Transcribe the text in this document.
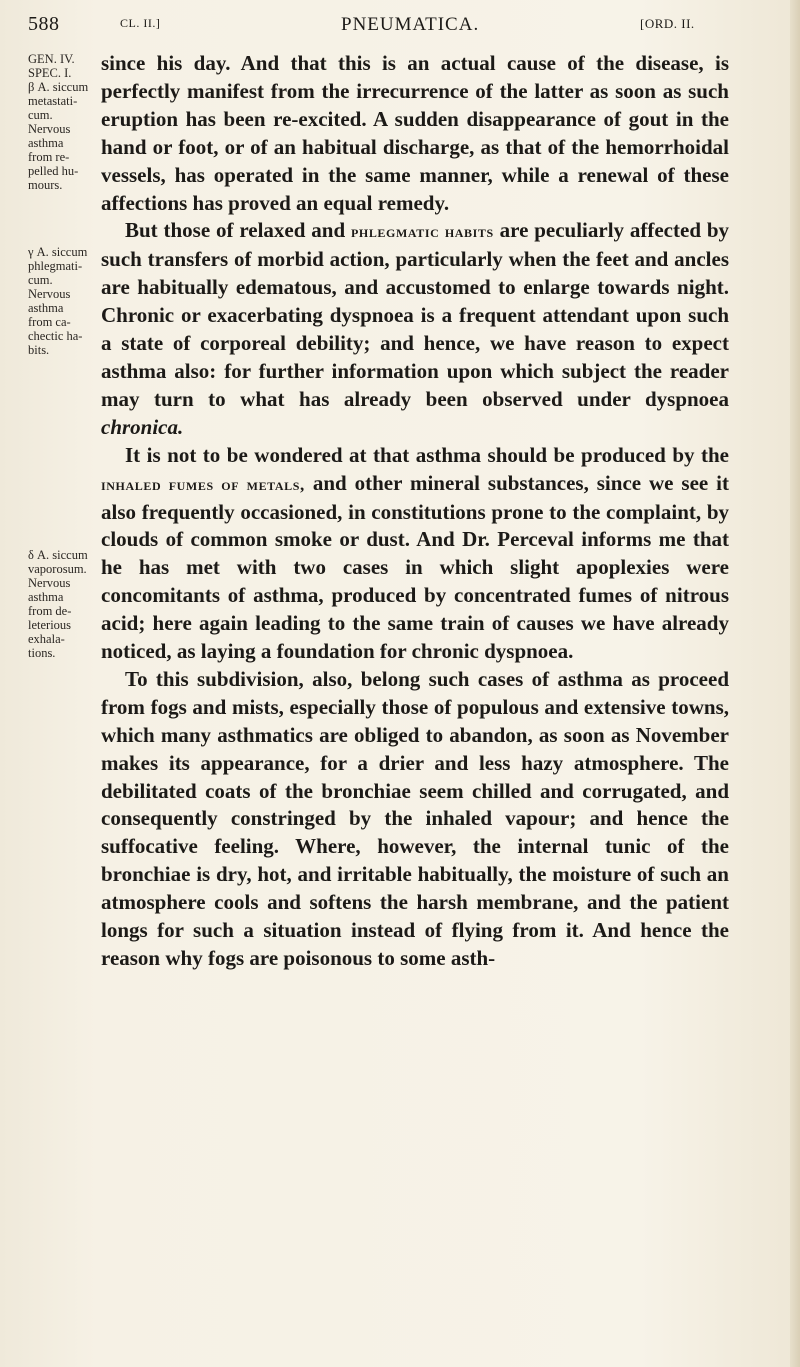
588	CL. II.]	PNEUMATICA.	[ORD. II.
GEN. IV.
SPEC. I.
β A. siccum
metastati-
cum.
Nervous
asthma
from re-
pelled hu-
mours.
γ A. siccum
phlegmati-
cum.
Nervous
asthma
from ca-
chectic ha-
bits.
δ A. siccum
vaporosum.
Nervous
asthma
from de-
leterious
exhala-
tions.

since his day. And that this is an actual cause of the disease, is perfectly manifest from the irrecurrence of the latter as soon as such eruption has been re-excited. A sudden disappearance of gout in the hand or foot, or of an habitual discharge, as that of the hemorrhoidal vessels, has operated in the same manner, while a renewal of these affections has proved an equal remedy.

But those of relaxed and phlegmatic habits are peculiarly affected by such transfers of morbid action, particularly when the feet and ancles are habitually edematous, and accustomed to enlarge towards night. Chronic or exacerbating dyspnoea is a frequent attendant upon such a state of corporeal debility; and hence, we have reason to expect asthma also: for further information upon which subject the reader may turn to what has already been observed under dyspnoea chronica.

It is not to be wondered at that asthma should be produced by the inhaled fumes of metals, and other mineral substances, since we see it also frequently occasioned, in constitutions prone to the complaint, by clouds of common smoke or dust. And Dr. Perceval informs me that he has met with two cases in which slight apoplexies were concomitants of asthma, produced by concentrated fumes of nitrous acid; here again leading to the same train of causes we have already noticed, as laying a foundation for chronic dyspnoea.

To this subdivision, also, belong such cases of asthma as proceed from fogs and mists, especially those of populous and extensive towns, which many asthmatics are obliged to abandon, as soon as November makes its appearance, for a drier and less hazy atmosphere. The debilitated coats of the bronchiae seem chilled and corrugated, and consequently constringed by the inhaled vapour; and hence the suffocative feeling. Where, however, the internal tunic of the bronchiae is dry, hot, and irritable habitually, the moisture of such an atmosphere cools and softens the harsh membrane, and the patient longs for such a situation instead of flying from it. And hence the reason why fogs are poisonous to some asth-
